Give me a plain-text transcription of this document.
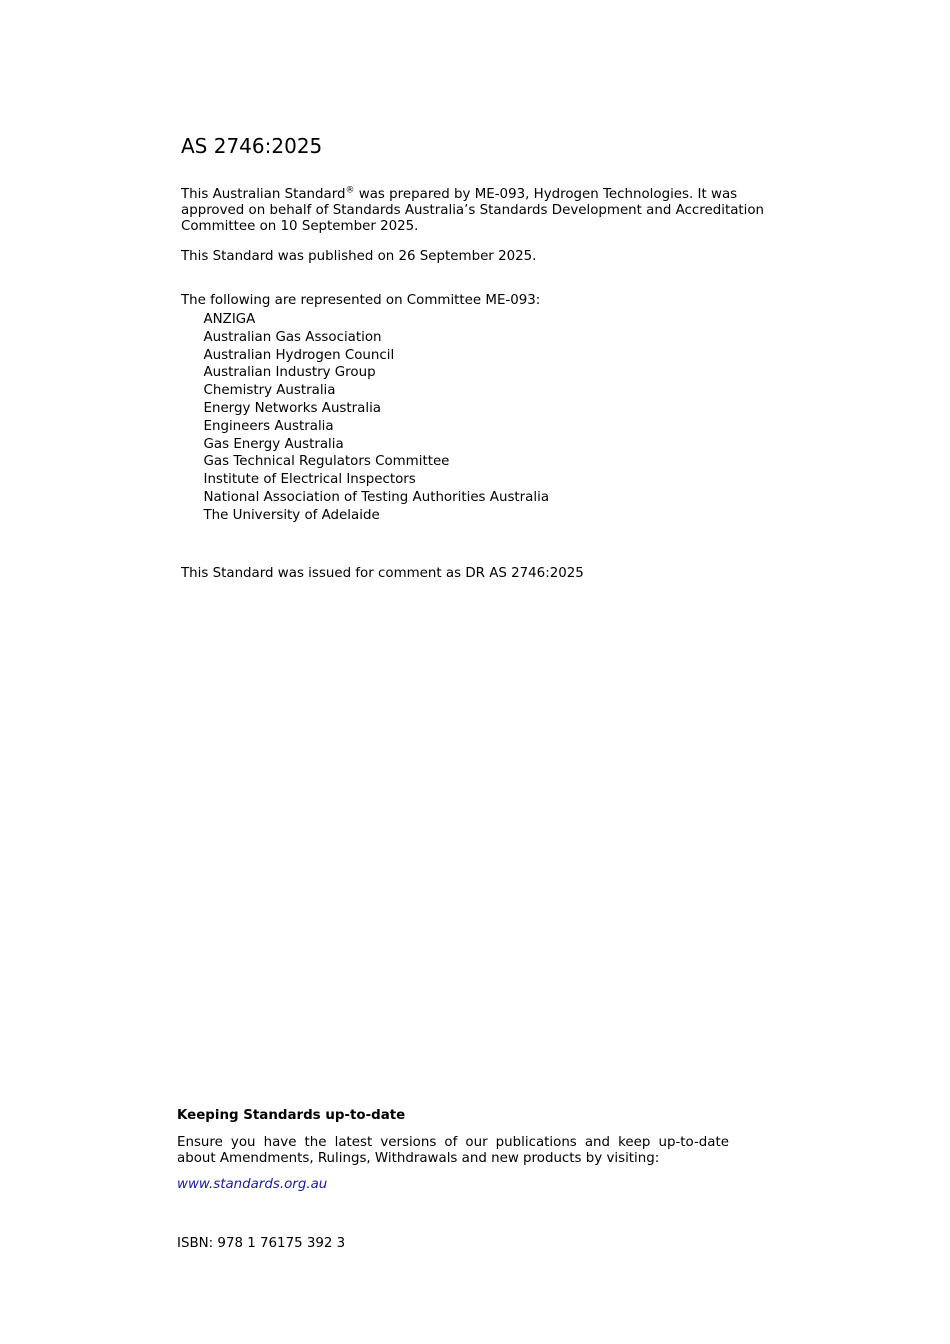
AS 2746:2025
This Australian Standard® was prepared by ME-093, Hydrogen Technologies. It was approved on behalf of Standards Australia’s Standards Development and Accreditation Committee on 10 September 2025.
This Standard was published on 26 September 2025.
The following are represented on Committee ME-093:
ANZIGA
Australian Gas Association
Australian Hydrogen Council
Australian Industry Group
Chemistry Australia
Energy Networks Australia
Engineers Australia
Gas Energy Australia
Gas Technical Regulators Committee
Institute of Electrical Inspectors
National Association of Testing Authorities Australia
The University of Adelaide
This Standard was issued for comment as DR AS 2746:2025
Keeping Standards up-to-date
Ensure you have the latest versions of our publications and keep up-to-date about Amendments, Rulings, Withdrawals and new products by visiting:
www.standards.org.au
ISBN: 978 1 76175 392 3
